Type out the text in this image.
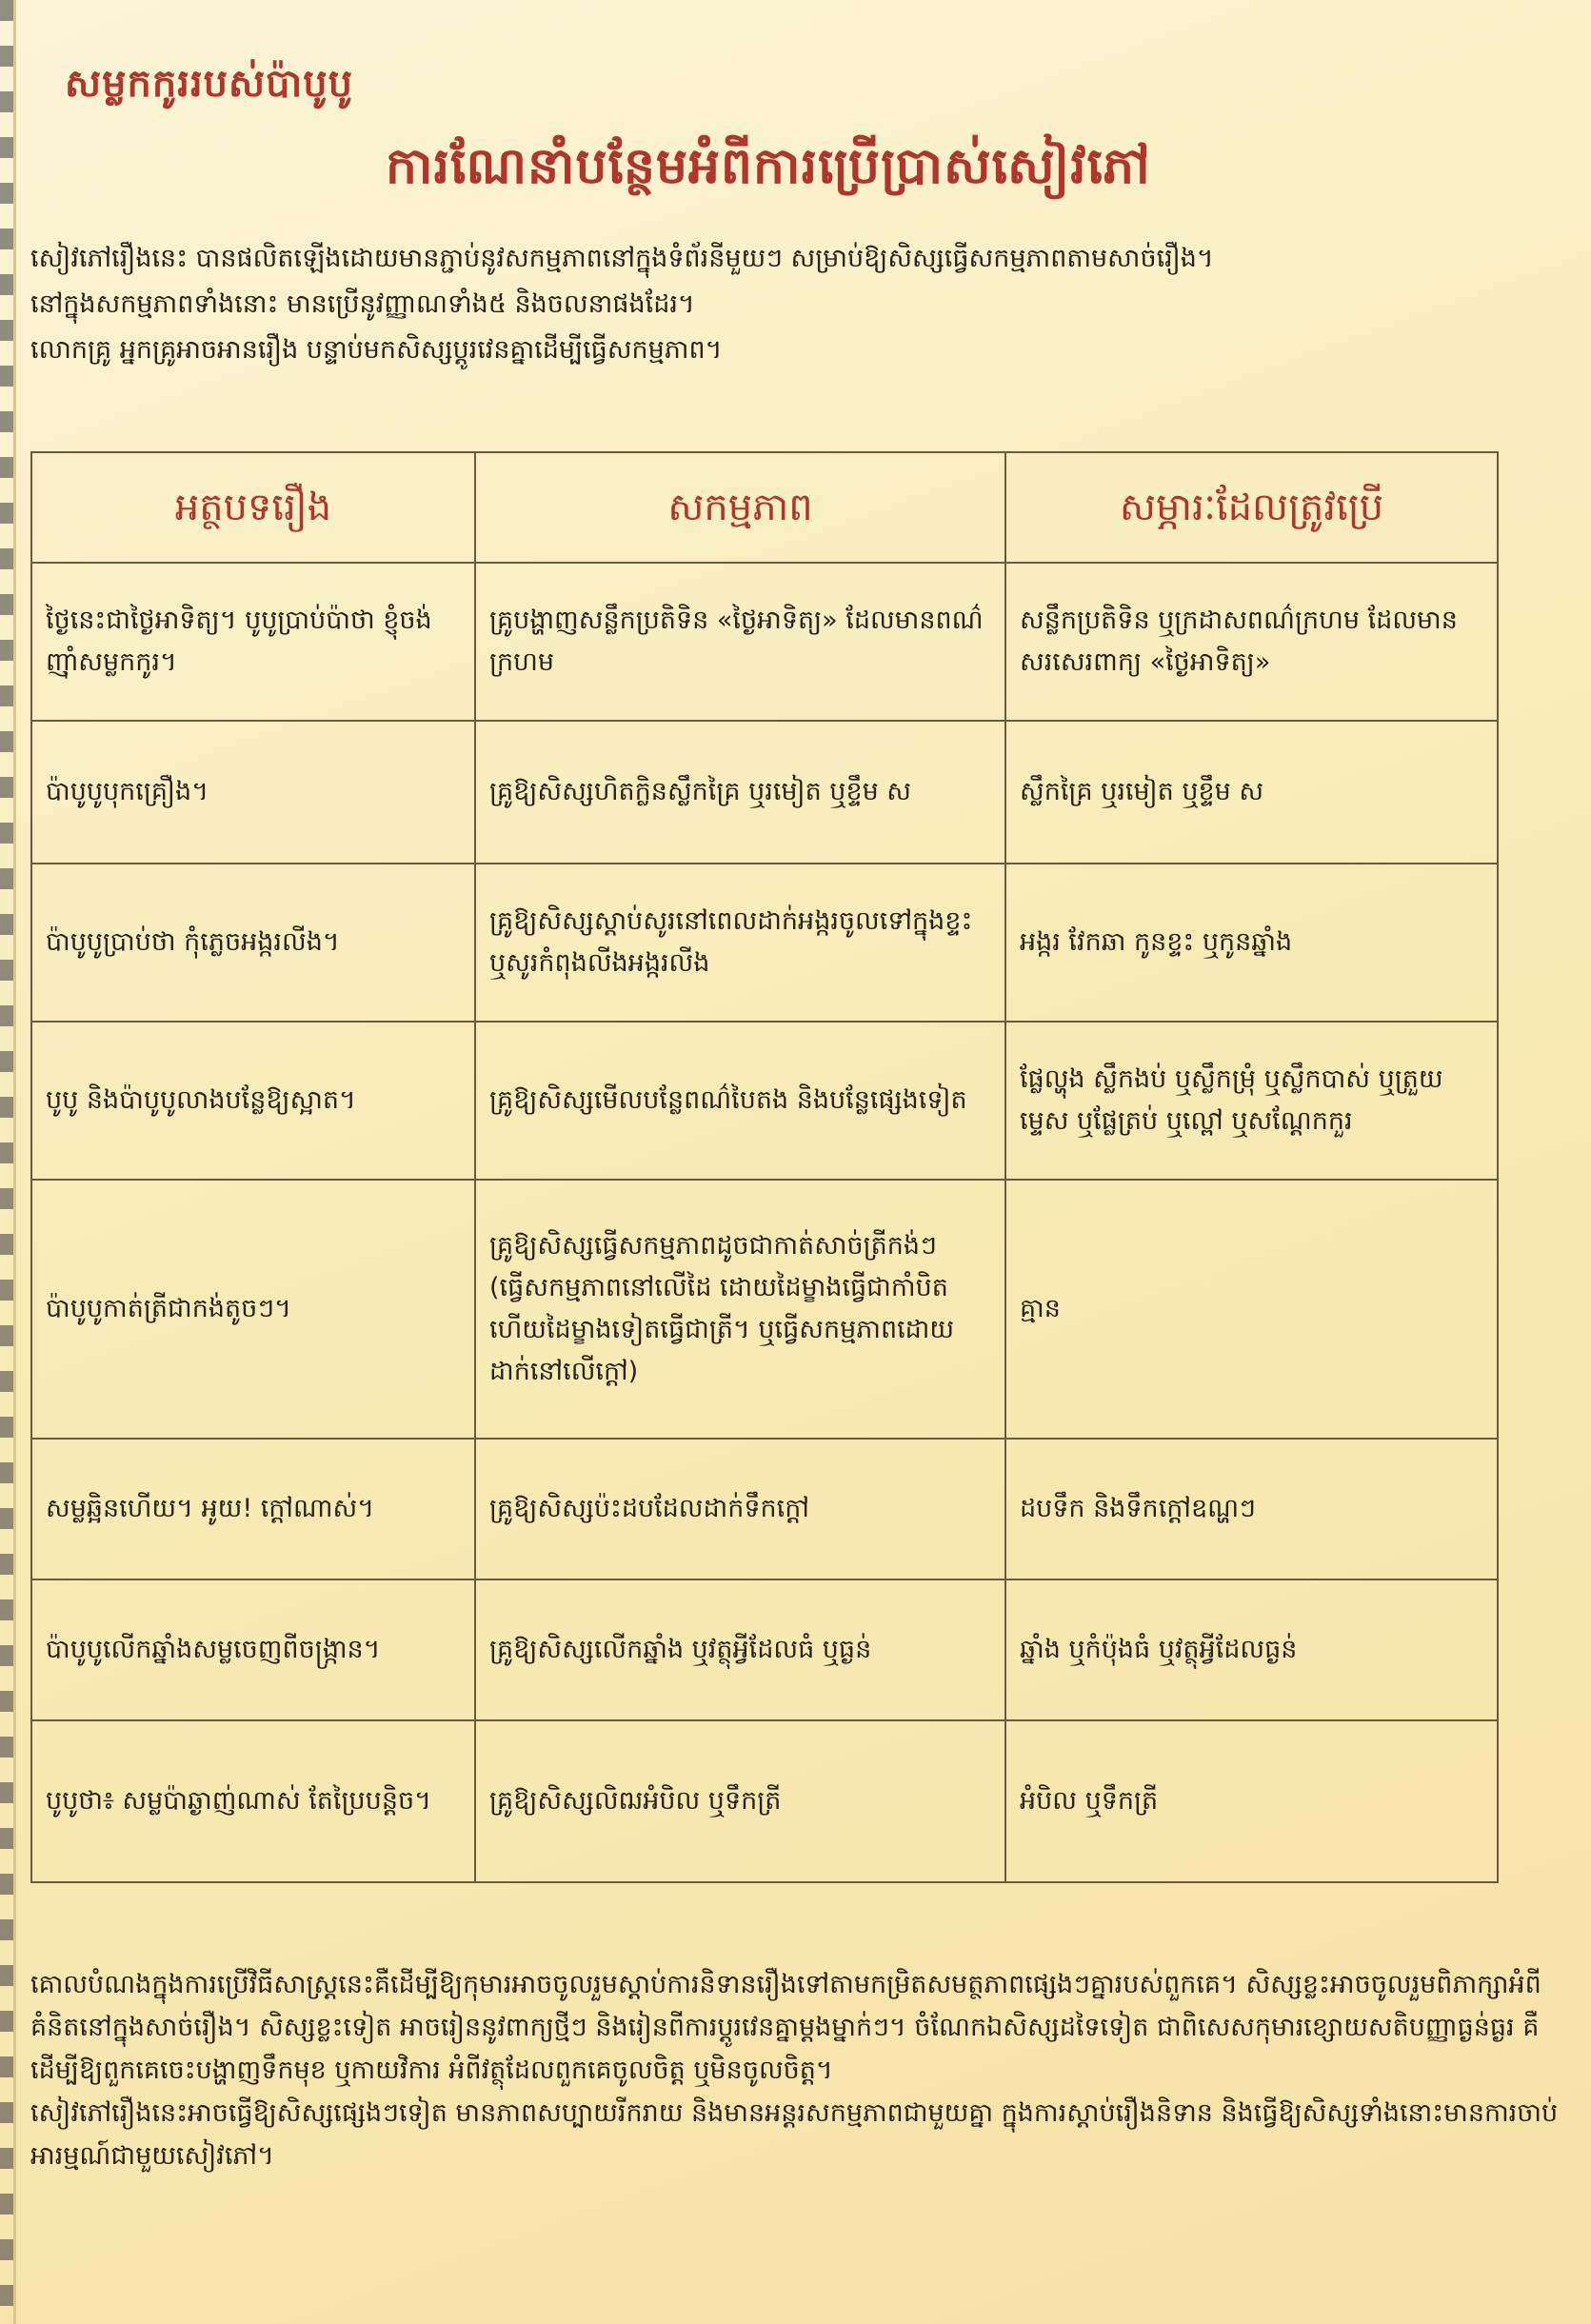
សម្លកកូររបស់ប៉ាបូបូ
ការណែនាំបន្ថែមអំពីការប្រើប្រាស់សៀវភៅ

សៀវភៅរឿងនេះ បានផលិតឡើងដោយមានភ្ជាប់នូវសកម្មភាពនៅក្នុងទំព័រនីមួយៗ សម្រាប់ឱ្យសិស្សធ្វើសកម្មភាពតាមសាច់រឿង។

នៅក្នុងសកម្មភាពទាំងនោះ មានប្រើនូវញ្ញាណទាំង៥ និងចលនាផងដែរ។

លោកគ្រូ អ្នកគ្រូអាចអានរឿង បន្ទាប់មកសិស្សប្តូរវេនគ្នាដើម្បីធ្វើសកម្មភាព។

អត្ថបទរឿង	សកម្មភាព	សម្ភារៈដែលត្រូវប្រើ
ថ្ងៃនេះជាថ្ងៃអាទិត្យ។ បូបូប្រាប់ប៉ាថា ខ្ញុំចង់ញ៉ាំសម្លកកូរ។	គ្រូបង្ហាញសន្លឹកប្រតិទិន «ថ្ងៃអាទិត្យ» ដែលមានពណ៌ក្រហម	សន្លឹកប្រតិទិន ឬក្រដាសពណ៌ក្រហម ដែលមានសរសេរពាក្យ «ថ្ងៃអាទិត្យ»
ប៉ាបូបូបុកគ្រឿង។	គ្រូឱ្យសិស្សហិតក្លិនស្លឹកគ្រៃ ឬរមៀត ឬខ្ទឹម ស	ស្លឹកគ្រៃ ឬរមៀត ឬខ្ទឹម ស
ប៉ាបូបូប្រាប់ថា កុំភ្លេចអង្ករលីង។	គ្រូឱ្យសិស្សស្តាប់សូរនៅពេលដាក់អង្ករចូលទៅក្នុងខ្ទះ ឬសូរកំពុងលីងអង្ករលីង	អង្ករ វែកឆា កូនខ្ទះ ឬកូនឆ្នាំង
បូបូ និងប៉ាបូបូលាងបន្លែឱ្យស្អាត។	គ្រូឱ្យសិស្សមើលបន្លែពណ៌បៃតង និងបន្លែផ្សេងទៀត	ផ្លែល្ហុង ស្លឹកងប់ ឬស្លឹកម្រុំ ឬស្លឹកបាស់ ឬត្រួយម្ទេស ឬផ្លែត្រប់ ឬល្ពៅ ឬសណ្តែកកួរ
ប៉ាបូបូកាត់ត្រីជាកង់តូចៗ។	គ្រូឱ្យសិស្សធ្វើសកម្មភាពដូចជាកាត់សាច់ត្រីកង់ៗ (ធ្វើសកម្មភាពនៅលើដៃ ដោយដៃម្ខាងធ្វើជាកាំបិតហើយដៃម្ខាងទៀតធ្វើជាត្រី។ ឬធ្វើសកម្មភាពដោយដាក់នៅលើក្តៅ)	គ្មាន
សម្លឆ្អិនហើយ។ អូយ! ក្តៅណាស់។	គ្រូឱ្យសិស្សប៉ះដបដែលដាក់ទឹកក្តៅ	ដបទឹក និងទឹកក្តៅឧណ្ហៗ
ប៉ាបូបូលើកឆ្នាំងសម្លចេញពីចង្ក្រាន។	គ្រូឱ្យសិស្សលើកឆ្នាំង ឬវត្ថុអ្វីដែលធំ ឬធ្ងន់	ឆ្នាំង ឬកំប៉ុងធំ ឬវត្ថុអ្វីដែលធ្ងន់
បូបូថា៖ សម្លប៉ាឆ្ងាញ់ណាស់ តែប្រៃបន្តិច។	គ្រូឱ្យសិស្សលិឍអំបិល ឬទឹកត្រី	អំបិល ឬទឹកត្រី

គោលបំណងក្នុងការប្រើវិធីសាស្ត្រនេះគឺដើម្បីឱ្យកុមារអាចចូលរួមស្តាប់ការនិទានរឿងទៅតាមកម្រិតសមត្ថភាពផ្សេងៗគ្នារបស់ពួកគេ។ សិស្សខ្លះអាចចូលរួមពិភាក្សាអំពីគំនិតនៅក្នុងសាច់រឿង។ សិស្សខ្លះទៀត អាចរៀននូវពាក្យថ្មីៗ និងរៀនពីការប្តូរវេនគ្នាម្តងម្នាក់ៗ។ ចំណែកឯសិស្សដទៃទៀត ជាពិសេសកុមារខ្សោយសតិបញ្ញាធ្ងន់ធ្ងរ គឺដើម្បីឱ្យពួកគេចេះបង្ហាញទឹកមុខ ឬកាយវិការ អំពីវត្ថុដែលពួកគេចូលចិត្ត ឬមិនចូលចិត្ត។

សៀវភៅរឿងនេះអាចធ្វើឱ្យសិស្សផ្សេងៗទៀត មានភាពសប្បាយរីករាយ និងមានអន្តរសកម្មភាពជាមួយគ្នា ក្នុងការស្តាប់រឿងនិទាន និងធ្វើឱ្យសិស្សទាំងនោះមានការចាប់អារម្មណ៍ជាមួយសៀវភៅ។
